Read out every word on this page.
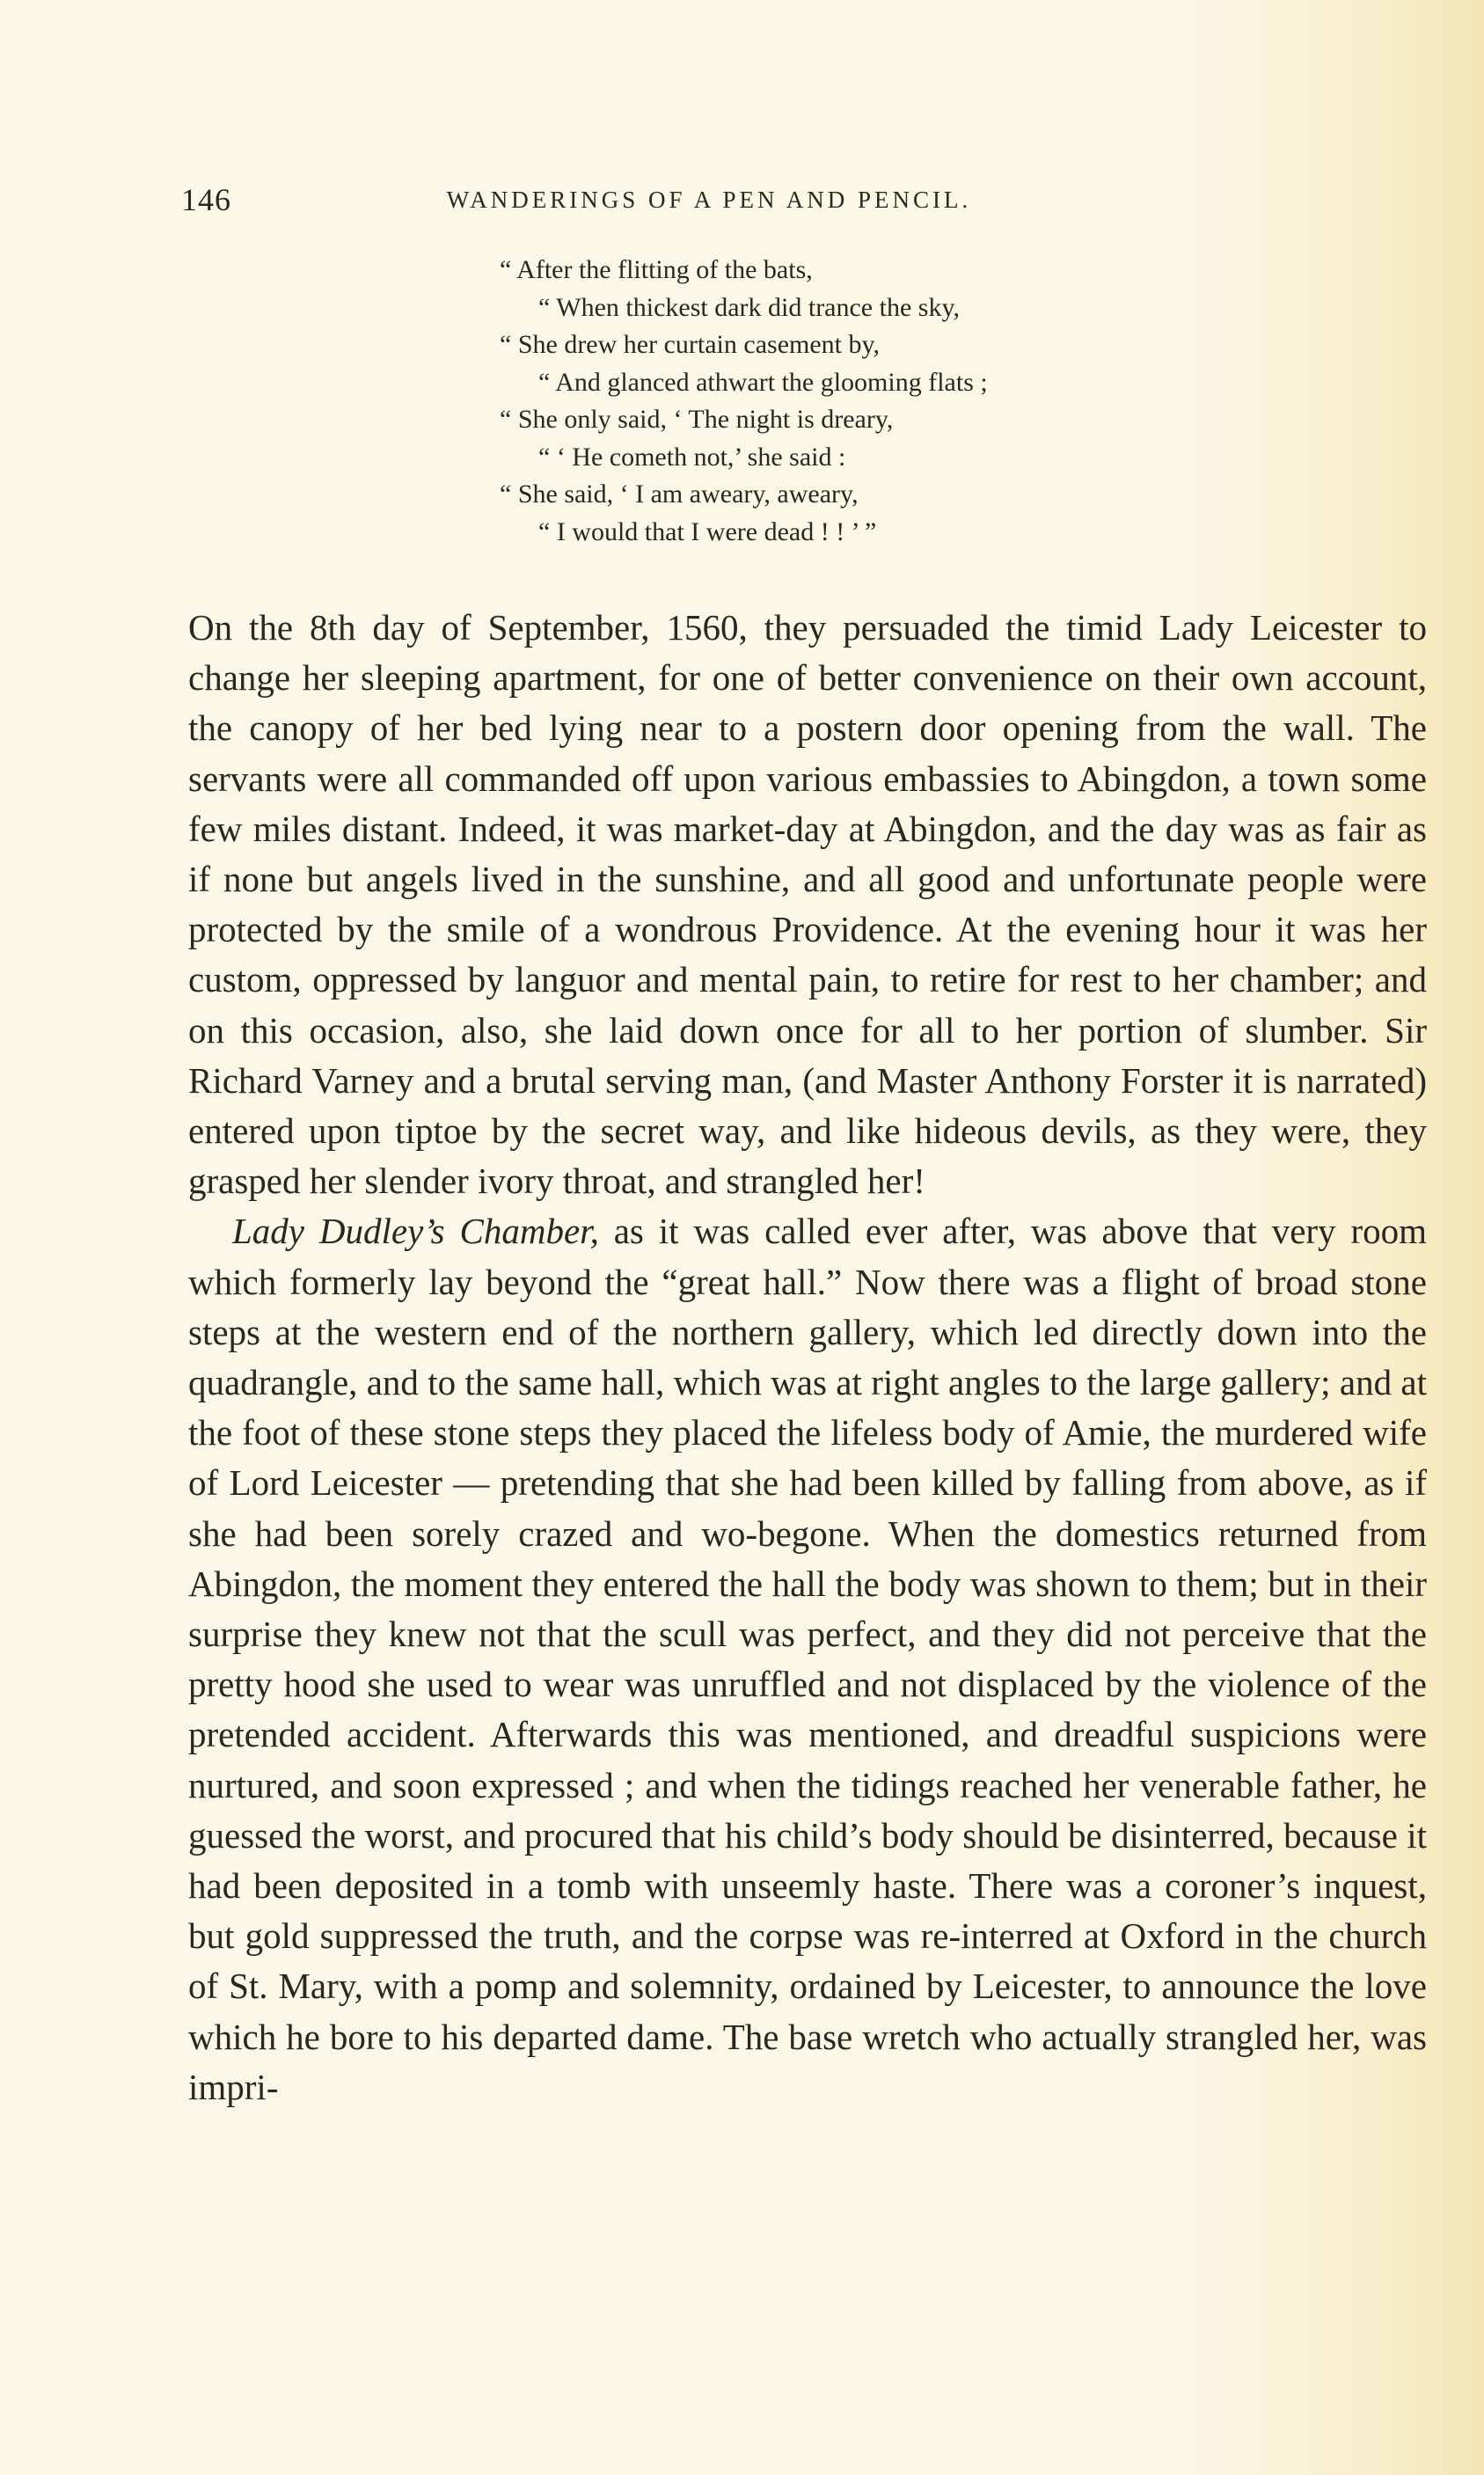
146	WANDERINGS OF A PEN AND PENCIL.
“ After the flitting of the bats,
“ When thickest dark did trance the sky,
“ She drew her curtain casement by,
“ And glanced athwart the glooming flats ;
“ She only said, ‘ The night is dreary,
“ ‘ He cometh not,’ she said :
“ She said, ‘ I am aweary, aweary,
“ I would that I were dead ! ! ’ ”

On the 8th day of September, 1560, they persuaded the timid Lady Leicester to change her sleeping apartment, for one of better convenience on their own account, the canopy of her bed lying near to a postern door opening from the wall. The servants were all commanded off upon various embassies to Abingdon, a town some few miles distant. Indeed, it was market-day at Abingdon, and the day was as fair as if none but angels lived in the sunshine, and all good and unfortunate people were protected by the smile of a wondrous Providence. At the evening hour it was her custom, oppressed by languor and mental pain, to retire for rest to her chamber; and on this occasion, also, she laid down once for all to her portion of slumber. Sir Richard Varney and a brutal serving man, (and Master Anthony Forster it is narrated) entered upon tiptoe by the secret way, and like hideous devils, as they were, they grasped her slender ivory throat, and strangled her!

Lady Dudley’s Chamber, as it was called ever after, was above that very room which formerly lay beyond the “great hall.” Now there was a flight of broad stone steps at the western end of the northern gallery, which led directly down into the quadrangle, and to the same hall, which was at right angles to the large gallery; and at the foot of these stone steps they placed the lifeless body of Amie, the murdered wife of Lord Leicester — pretending that she had been killed by falling from above, as if she had been sorely crazed and wo-begone. When the domestics returned from Abingdon, the moment they entered the hall the body was shown to them; but in their surprise they knew not that the scull was perfect, and they did not perceive that the pretty hood she used to wear was unruffled and not displaced by the violence of the pretended accident. Afterwards this was mentioned, and dreadful suspicions were nurtured, and soon expressed ; and when the tidings reached her venerable father, he guessed the worst, and procured that his child’s body should be disinterred, because it had been deposited in a tomb with unseemly haste. There was a coroner’s inquest, but gold suppressed the truth, and the corpse was re-interred at Oxford in the church of St. Mary, with a pomp and solemnity, ordained by Leicester, to announce the love which he bore to his departed dame. The base wretch who actually strangled her, was impri-
